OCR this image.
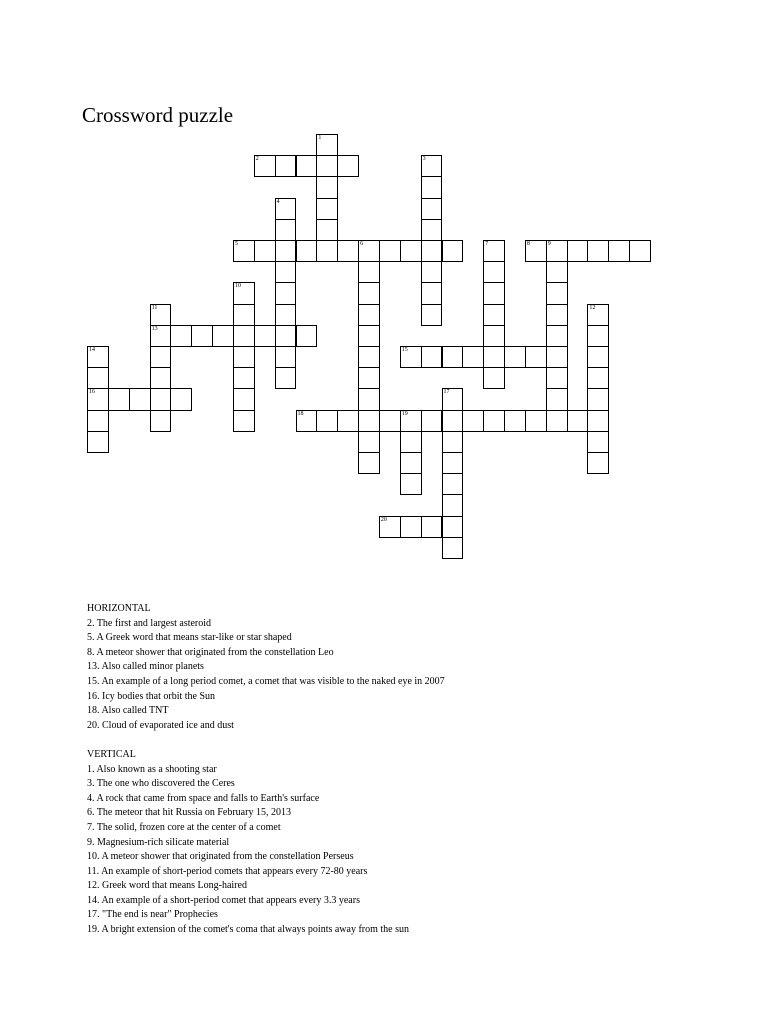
Crossword puzzle
1
2	3
4
5	6	7	8	9
10
11
13
12
14
16
15
17
18	19
20
HORIZONTAL
2. The first and largest asteroid
5. A Greek word that means star-like or star shaped
8. A meteor shower that originated from the constellation Leo
13. Also called minor planets
15. An example of a long period comet, a comet that was visible to the naked eye in 2007
16. Icy bodies that orbit the Sun
18. Also called TNT
20. Cloud of evaporated ice and dust
VERTICAL
1. Also known as a shooting star
3. The one who discovered the Ceres
4. A rock that came from space and falls to Earth's surface
6. The meteor that hit Russia on February 15, 2013
7. The solid, frozen core at the center of a comet
9. Magnesium-rich silicate material
10. A meteor shower that originated from the constellation Perseus
11. An example of short-period comets that appears every 72-80 years
12. Greek word that means Long-haired
14. An example of a short-period comet that appears every 3.3 years
17. "The end is near" Prophecies
19. A bright extension of the comet's coma that always points away from the sun
